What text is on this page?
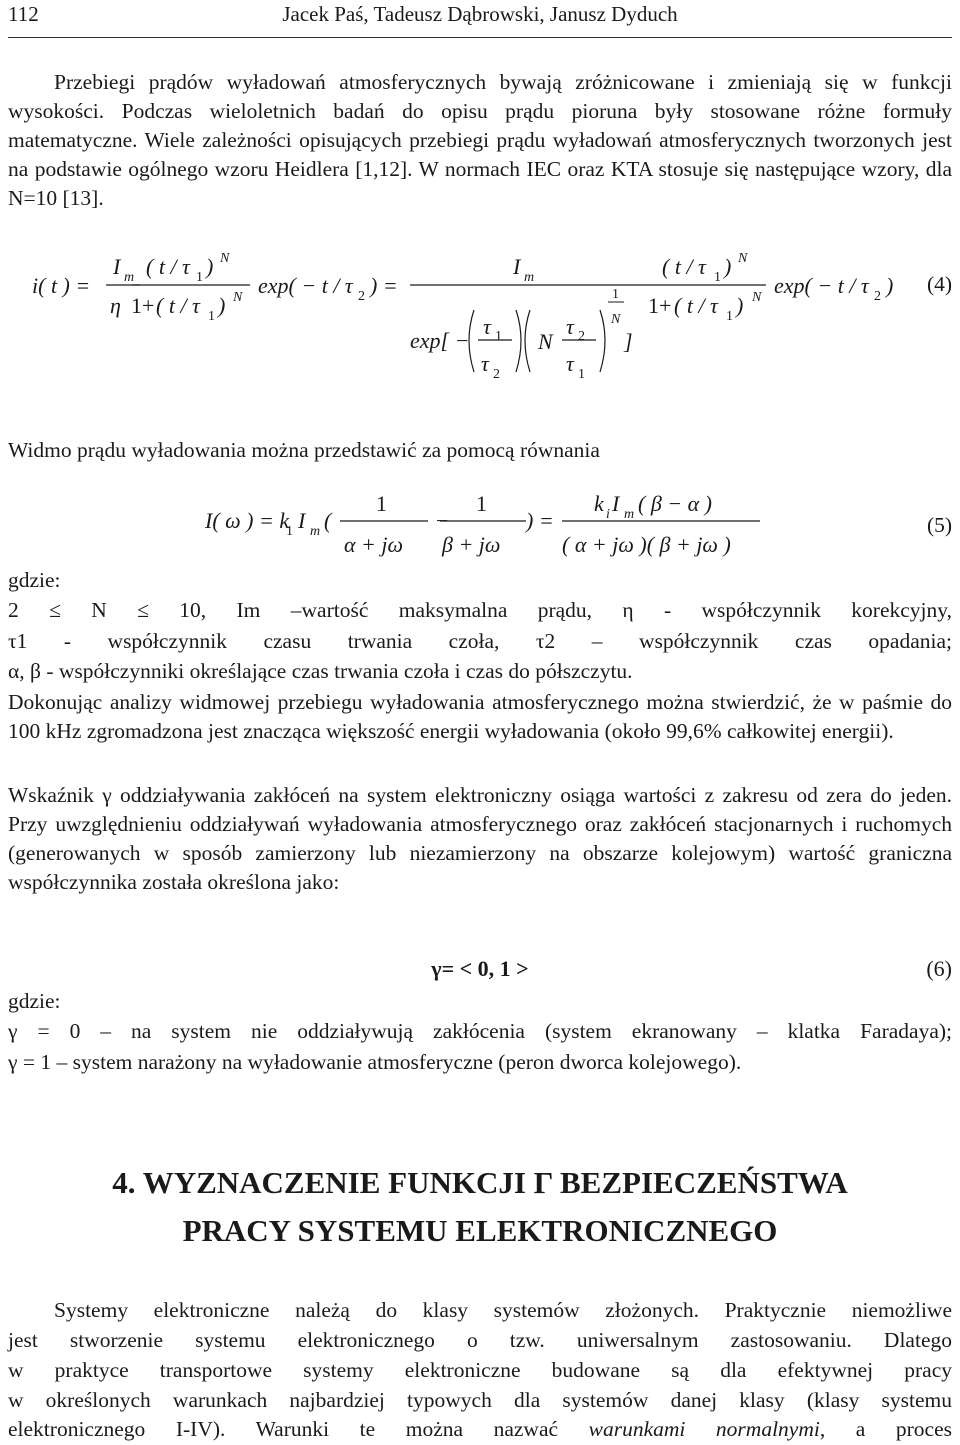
112	Jacek Paś, Tadeusz Dąbrowski, Janusz Dyduch
Przebiegi prądów wyładowań atmosferycznych bywają zróżnicowane i zmieniają się w funkcji wysokości. Podczas wieloletnich badań do opisu prądu pioruna były stosowane różne formuły matematyczne. Wiele zależności opisujących przebiegi prądu wyładowań atmosferycznych tworzonych jest na podstawie ogólnego wzoru Heidlera [1,12]. W normach IEC oraz KTA stosuje się następujące wzory, dla N=10 [13].
i( t ) =
I m
η
( t / τ 1 ) N
1+ ( t / τ 1 ) N exp( − t / τ 2 ) =
I m
exp[ −
τ 1
τ 2
N
τ 2
τ 1
1
N
]
( t / τ 1 ) N
1+ ( t / τ 1 ) N exp( − t / τ 2 )
I( ω ) = k
1 I m (
1
α + jω
−
1
β + jω
) =
k i I m ( β − α )
( α + jω )( β + jω )
(4)
(5)
Widmo prądu wyładowania można przedstawić za pomocą równania
gdzie:
2 ≤ N ≤ 10, Im –wartość maksymalna prądu, η - współczynnik korekcyjny,
τ1 - współczynnik czasu trwania czoła, τ2 – współczynnik czas opadania;
α, β - współczynniki określające czas trwania czoła i czas do półszczytu.
Dokonując analizy widmowej przebiegu wyładowania atmosferycznego można stwierdzić, że w paśmie do 100 kHz zgromadzona jest znacząca większość energii wyładowania (około 99,6% całkowitej energii).
Wskaźnik γ oddziaływania zakłóceń na system elektroniczny osiąga wartości z zakresu od zera do jeden. Przy uwzględnieniu oddziaływań wyładowania atmosferycznego oraz zakłóceń stacjonarnych i ruchomych (generowanych w sposób zamierzony lub niezamierzony na obszarze kolejowym) wartość graniczna współczynnika została określona jako:
γ= < 0, 1 >	(6)
gdzie:
γ = 0 – na system nie oddziaływują zakłócenia (system ekranowany – klatka Faradaya);
γ = 1 – system narażony na wyładowanie atmosferyczne (peron dworca kolejowego).
4. WYZNACZENIE FUNKCJI Γ BEZPIECZEŃSTWA
PRACY SYSTEMU ELEKTRONICZNEGO
Systemy elektroniczne należą do klasy systemów złożonych. Praktycznie niemożliwe
jest stworzenie systemu elektronicznego o tzw. uniwersalnym zastosowaniu. Dlatego
w praktyce transportowe systemy elektroniczne budowane są dla efektywnej pracy
w określonych warunkach najbardziej typowych dla systemów danej klasy (klasy systemu
elektronicznego I-IV). Warunki te można nazwać warunkami normalnymi, a proces
